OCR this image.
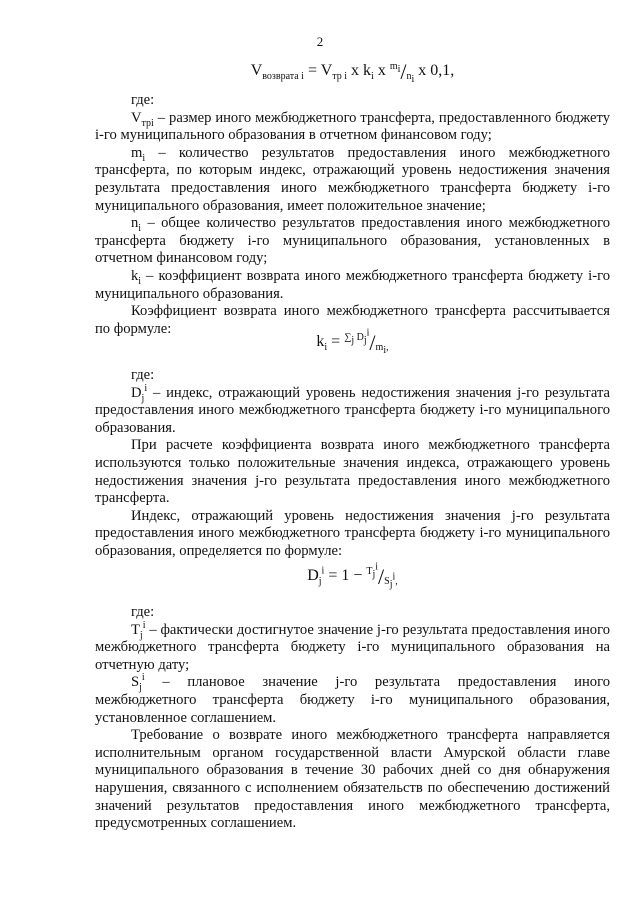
2
$V_{возврата i} = V_{тр i}$ x $k_i$ x $^{m_i}/_{n_i}$ x 0,1,

где:

$V_{трi}$ – размер иного межбюджетного трансферта, предоставленного бюджету i-го муниципального образования в отчетном финансовом году;

$m_i$ – количество результатов предоставления иного межбюджетного трансферта, по которым индекс, отражающий уровень недостижения значения результата предоставления иного межбюджетного трансферта бюджету i-го муниципального образования, имеет положительное значение;

$n_i$ – общее количество результатов предоставления иного межбюджетного трансферта бюджету i-го муниципального образования, установленных в отчетном финансовом году;

$k_i$ – коэффициент возврата иного межбюджетного трансферта бюджету i-го муниципального образования.

Коэффициент возврата иного межбюджетного трансферта рассчитывается по формуле:

$k_i = ^{\sum_j D_j^i}/_{m_i,}$

где:

$D_j^i$ – индекс, отражающий уровень недостижения значения j-го результата предоставления иного межбюджетного трансферта бюджету i-го муниципального образования.

При расчете коэффициента возврата иного межбюджетного трансферта используются только положительные значения индекса, отражающего уровень недостижения значения j-го результата предоставления иного межбюджетного трансферта.

Индекс, отражающий уровень недостижения значения j-го результата предоставления иного межбюджетного трансферта бюджету i-го муниципального образования, определяется по формуле:

$D_j^i = 1 - ^{T_j^i}/_{S_j^i,}$

где:

$T_j^i$ – фактически достигнутое значение j-го результата предоставления иного межбюджетного трансферта бюджету i-го муниципального образования на отчетную дату;

$S_j^i$ – плановое значение j-го результата предоставления иного межбюджетного трансферта бюджету i-го муниципального образования, установленное соглашением.

Требование о возврате иного межбюджетного трансферта направляется исполнительным органом государственной власти Амурской области главе муниципального образования в течение 30 рабочих дней со дня обнаружения нарушения, связанного с исполнением обязательств по обеспечению достижений значений результатов предоставления иного межбюджетного трансферта, предусмотренных соглашением.
